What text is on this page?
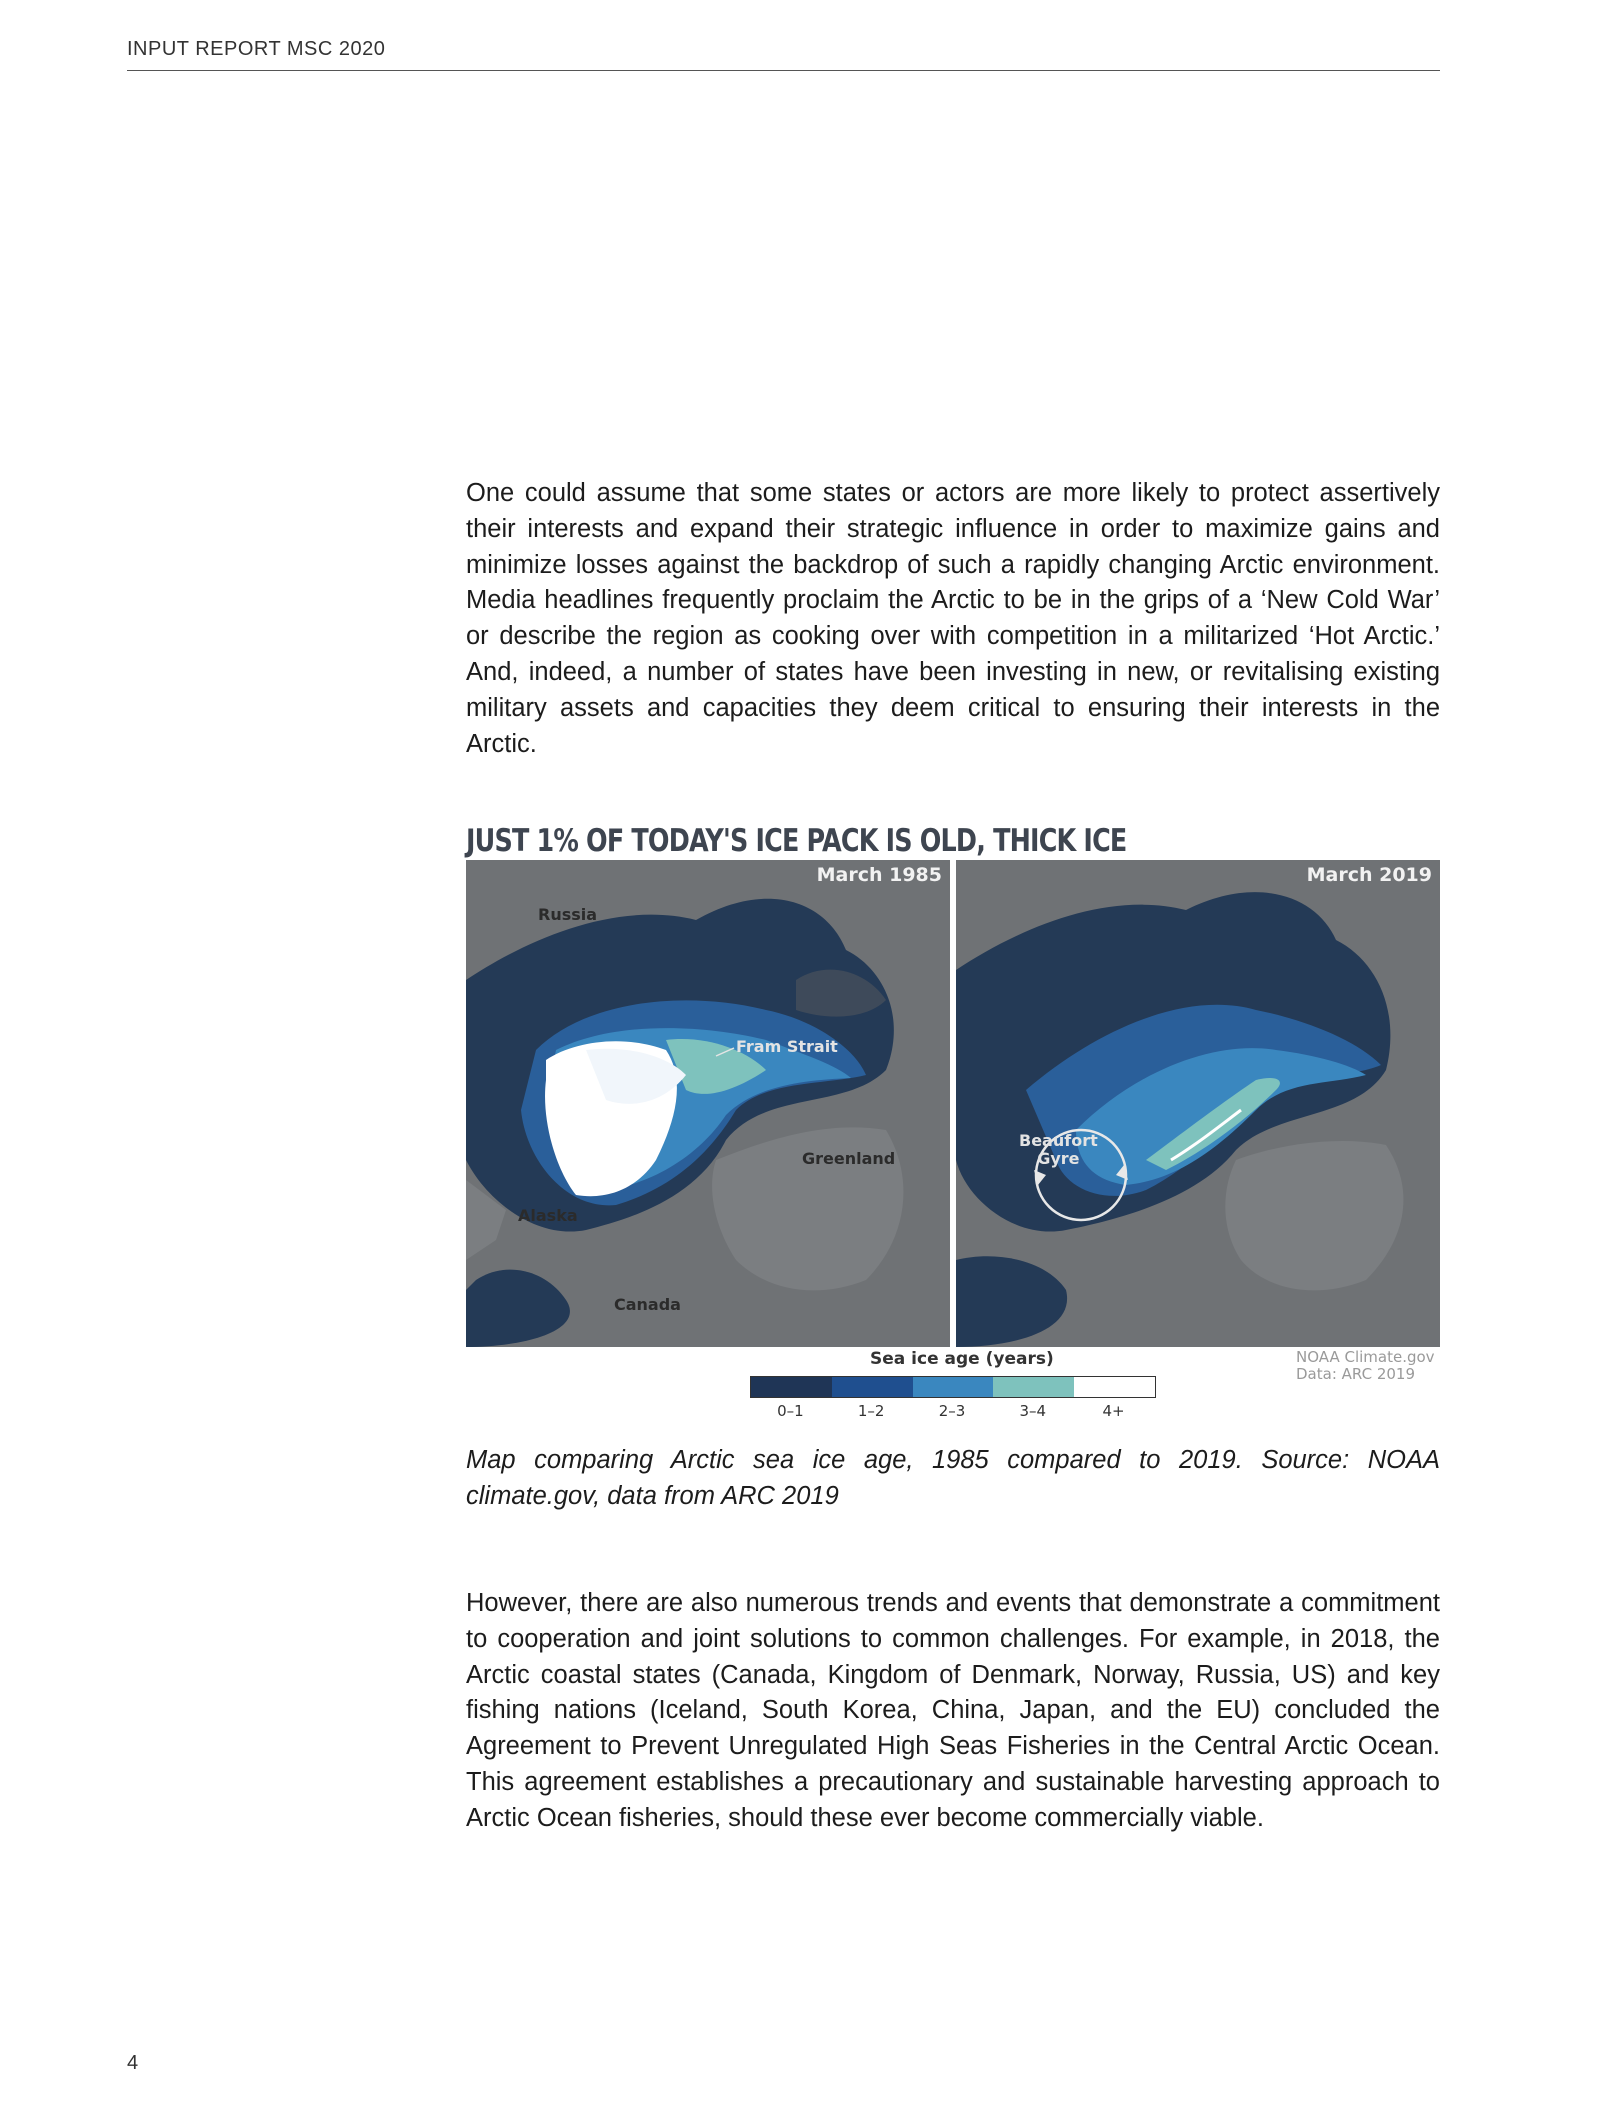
INPUT REPORT MSC 2020

One could assume that some states or actors are more likely to protect assertively their interests and expand their strategic influence in order to maximize gains and minimize losses against the backdrop of such a rapidly changing Arctic environment. Media headlines frequently proclaim the Arctic to be in the grips of a ‘New Cold War’ or describe the region as cooking over with competition in a militarized ‘Hot Arctic.’ And, indeed, a number of states have been investing in new, or revitalising existing military assets and capacities they deem critical to ensuring their interests in the Arctic.

JUST 1% OF TODAY'S ICE PACK IS OLD, THICK ICE
March 1985
Russia
Fram Strait
Greenland
Alaska
Canada
March 2019
Beaufort
Gyre
Sea ice age (years)
0–1	1–2	2–3	3–4	4+
NOAA Climate.gov
Data: ARC 2019

Map comparing Arctic sea ice age, 1985 compared to 2019. Source: NOAA climate.gov, data from ARC 2019

However, there are also numerous trends and events that demonstrate a commitment to cooperation and joint solutions to common challenges. For example, in 2018, the Arctic coastal states (Canada, Kingdom of Denmark, Norway, Russia, US) and key fishing nations (Iceland, South Korea, China, Japan, and the EU) concluded the Agreement to Prevent Unregulated High Seas Fisheries in the Central Arctic Ocean. This agreement establishes a precautionary and sustainable harvesting approach to Arctic Ocean fisheries, should these ever become commercially viable.

4
